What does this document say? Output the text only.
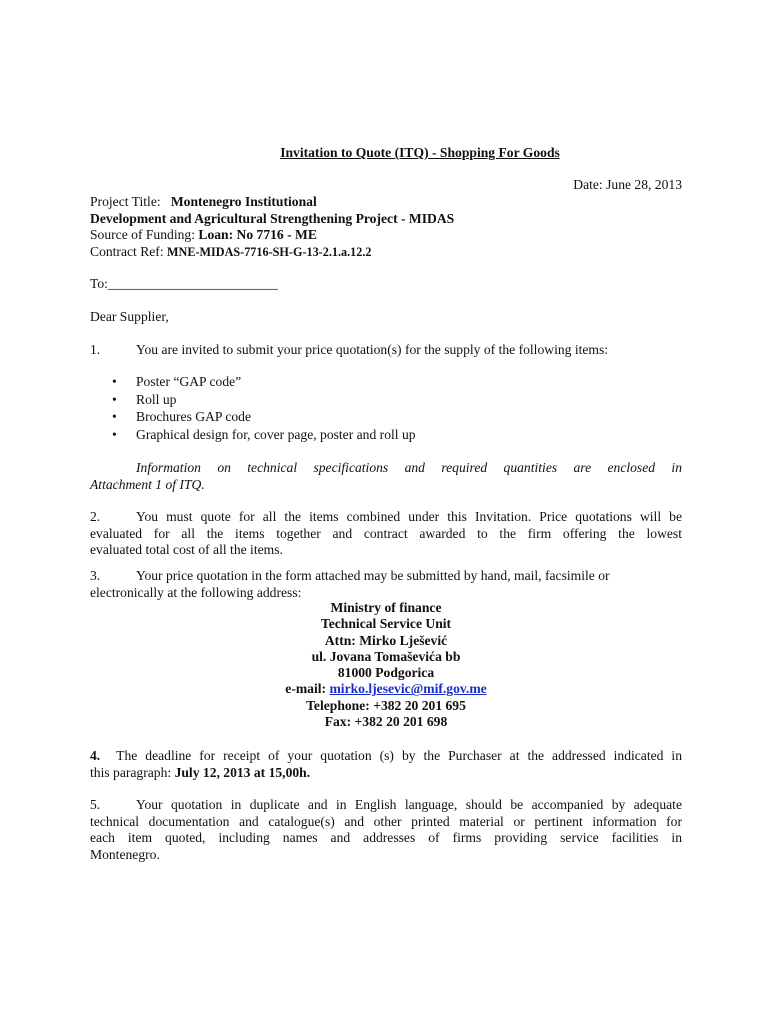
Invitation to Quote (ITQ) - Shopping For Goods
Date: June 28, 2013
Project Title: Montenegro Institutional
Development and Agricultural Strengthening Project - MIDAS
Source of Funding: Loan: No 7716 - ME
Contract Ref: MNE-MIDAS-7716-SH-G-13-2.1.a.12.2
To:_________________________
Dear Supplier,
1.	You are invited to submit your price quotation(s) for the supply of the following items:
• Poster “GAP code”
• Roll up
• Brochures GAP code
• Graphical design for, cover page, poster and roll up
Information on technical specifications and required quantities are enclosed in
Attachment 1 of ITQ.
2.	You must quote for all the items combined under this Invitation. Price quotations will be
evaluated for all the items together and contract awarded to the firm offering the lowest
evaluated total cost of all the items.
3.	Your price quotation in the form attached may be submitted by hand, mail, facsimile or
electronically at the following address:
Ministry of finance
Technical Service Unit
Attn: Mirko Lješević
ul. Jovana Tomaševića bb
81000 Podgorica
e-mail: mirko.ljesevic@mif.gov.me
Telephone: +382 20 201 695
Fax: +382 20 201 698
4. The deadline for receipt of your quotation (s) by the Purchaser at the addressed indicated in
this paragraph: July 12, 2013 at 15,00h.
5.	Your quotation in duplicate and in English language, should be accompanied by adequate
technical documentation and catalogue(s) and other printed material or pertinent information for
each item quoted, including names and addresses of firms providing service facilities in
Montenegro.
